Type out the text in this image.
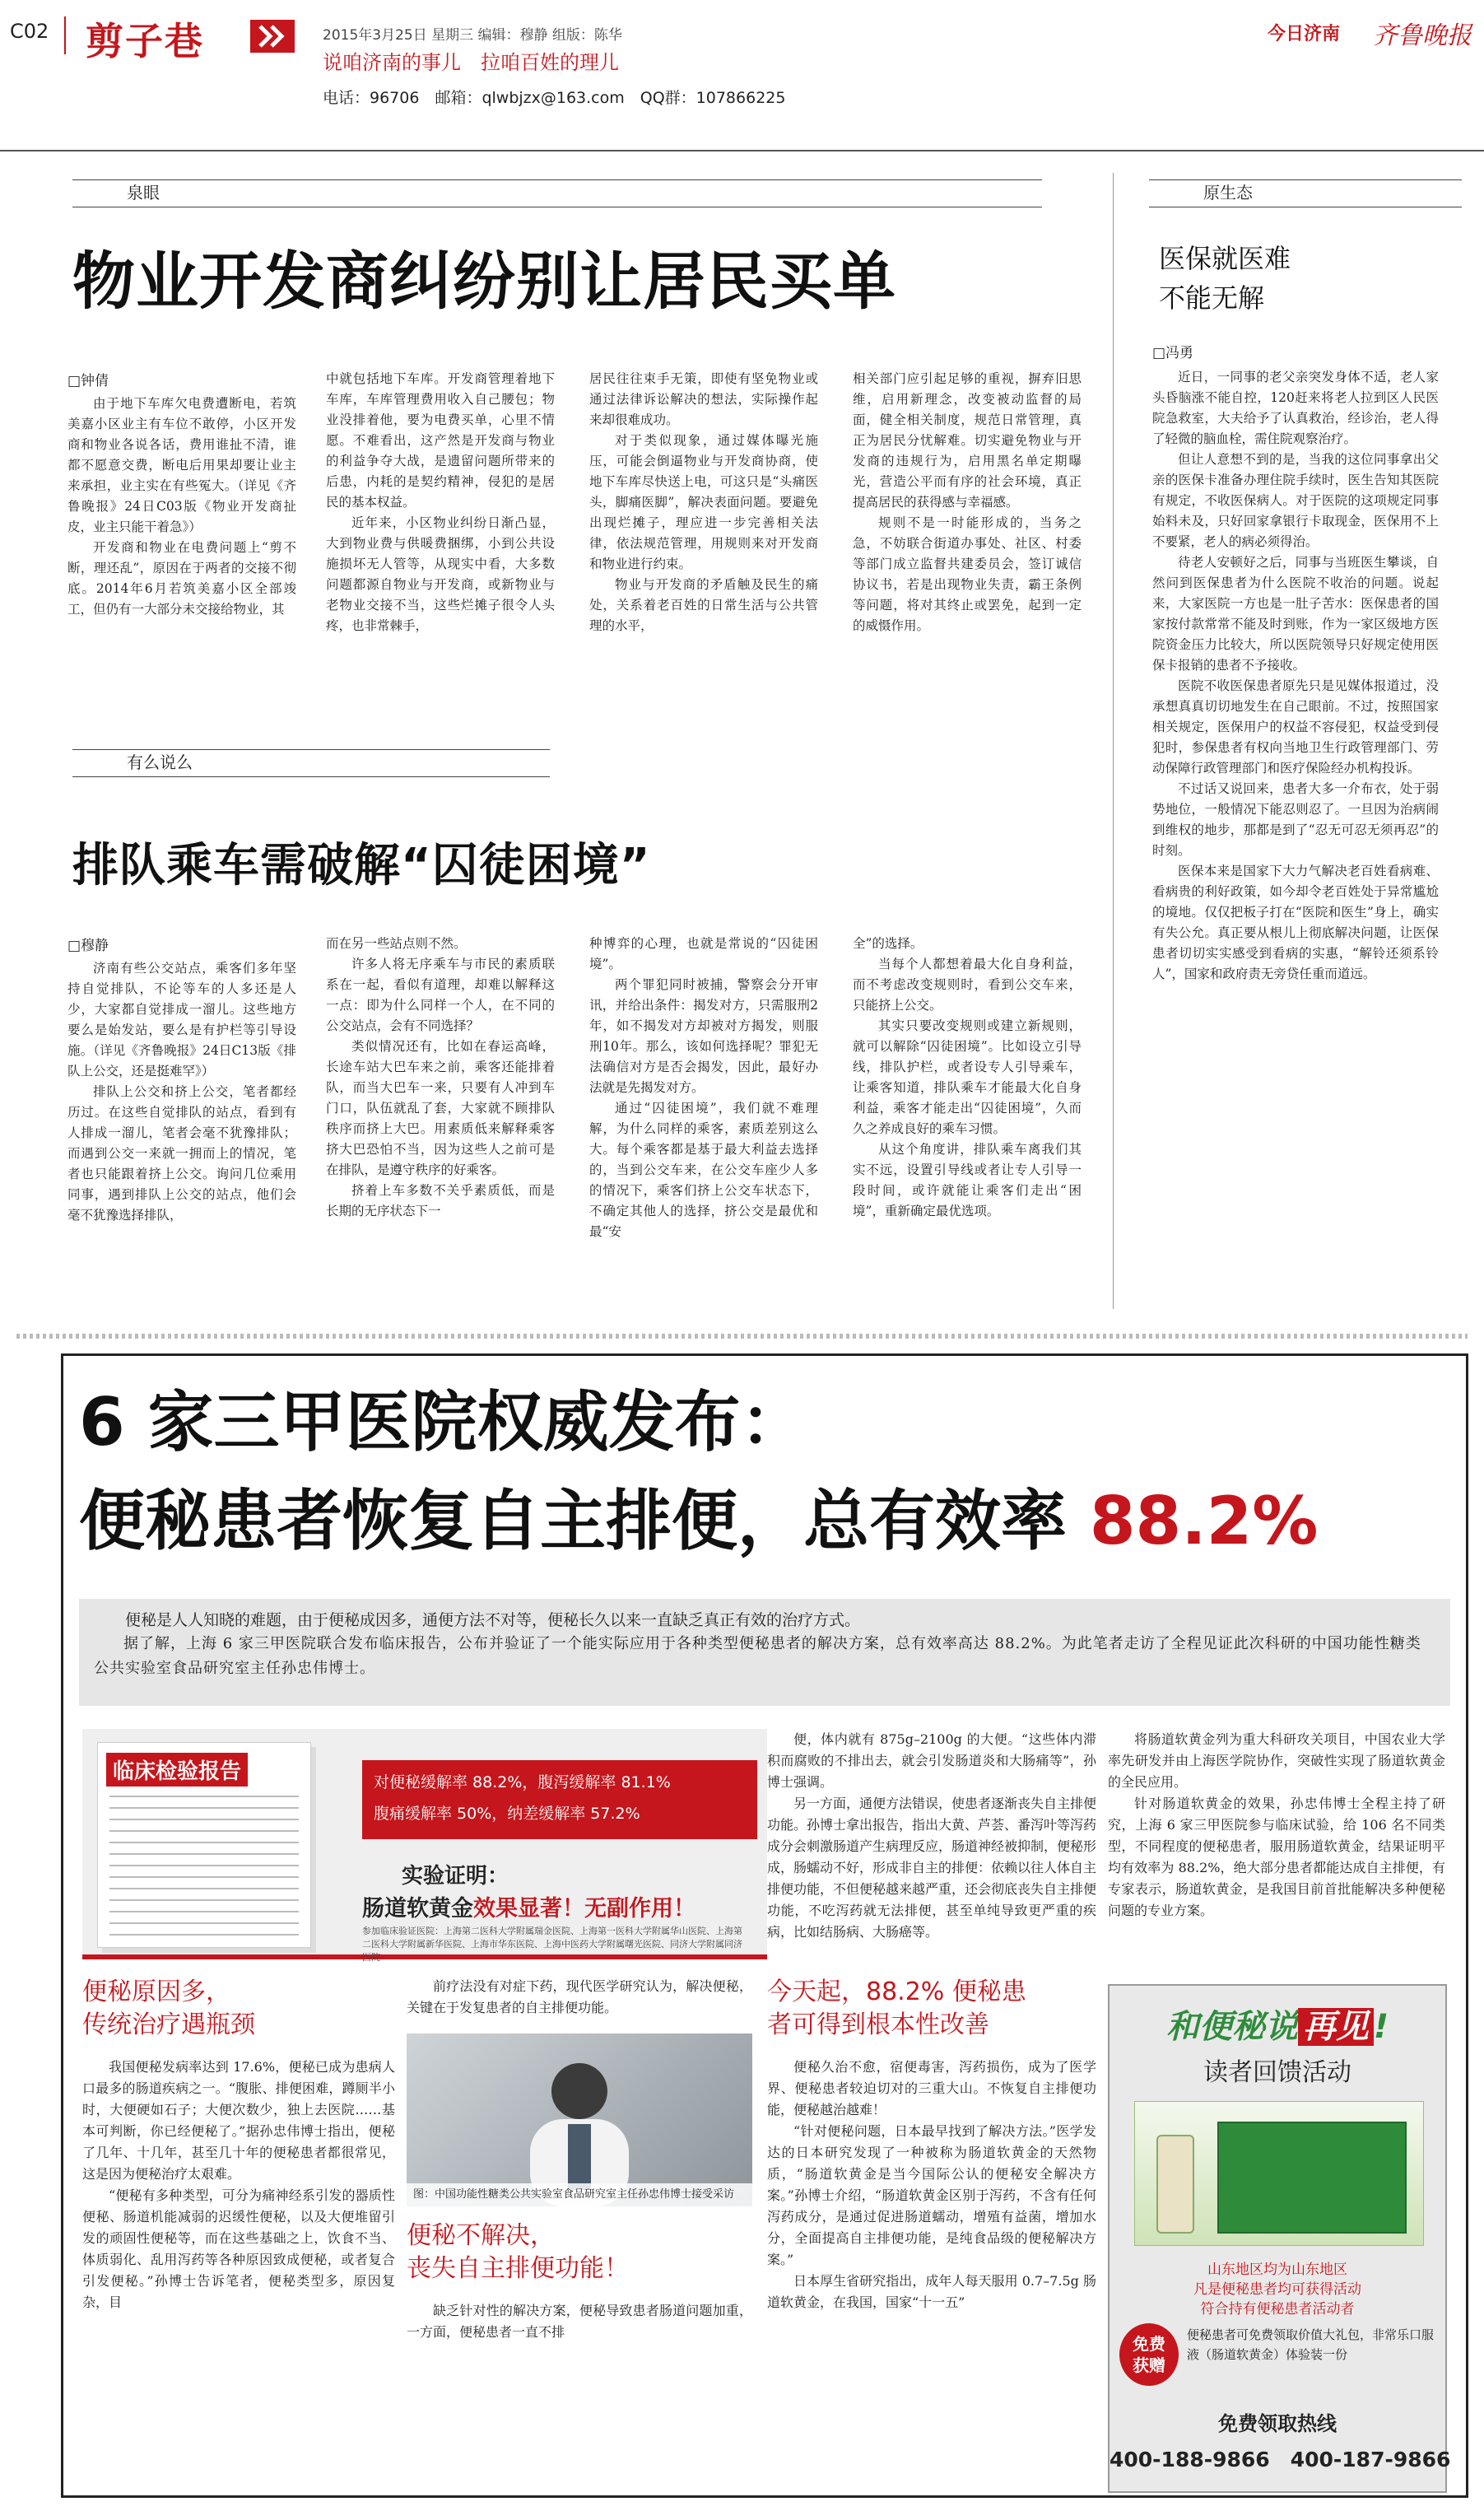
C02 剪子巷	2015年3月25日 星期三 编辑：穆静 组版：陈华
说咱济南的事儿　拉咱百姓的理儿
今日济南 齐鲁晚报
电话：96706　邮箱：qlwbjzx@163.com　QQ群：107866225
泉眼
物业开发商纠纷别让居民买单
□钟倩

由于地下车库欠电费遭断电，若筑美嘉小区业主有车位不敢停，小区开发商和物业各说各话，费用谁扯不清，谁都不愿意交费，断电后用果却要让业主来承担，业主实在有些冤大。（详见《齐鲁晚报》24日C03版《物业开发商扯皮，业主只能干着急》）

开发商和物业在电费问题上“剪不断，理还乱”，原因在于两者的交接不彻底。2014年6月若筑美嘉小区全部竣工，但仍有一大部分未交接给物业，其

中就包括地下车库。开发商管理着地下车库，车库管理费用收入自己腰包；物业没排着他，要为电费买单，心里不情愿。不难看出，这产然是开发商与物业的利益争夺大战，是遗留问题所带来的后患，内耗的是契约精神，侵犯的是居民的基本权益。

近年来，小区物业纠纷日渐凸显，大到物业费与供暖费捆绑，小到公共设施损坏无人管等，从现实中看，大多数问题都源自物业与开发商，或新物业与老物业交接不当，这些烂摊子很令人头疼，也非常棘手，

居民往往束手无策，即使有坚免物业或通过法律诉讼解决的想法，实际操作起来却很难成功。

对于类似现象，通过媒体曝光施压，可能会倒逼物业与开发商协商，使地下车库尽快送上电，可这只是“头痛医头，脚痛医脚”，解决表面问题。要避免出现烂摊子，理应进一步完善相关法律，依法规范管理，用规则来对开发商和物业进行约束。

物业与开发商的矛盾触及民生的痛处，关系着老百姓的日常生活与公共管理的水平，

相关部门应引起足够的重视，摒弃旧思维，启用新理念，改变被动监督的局面，健全相关制度，规范日常管理，真正为居民分忧解难。切实避免物业与开发商的违规行为，启用黑名单定期曝光，营造公平而有序的社会环境，真正提高居民的获得感与幸福感。

规则不是一时能形成的，当务之急，不妨联合街道办事处、社区、村委等部门成立监督共建委员会，签订诚信协议书，若是出现物业失责，霸王条例等问题，将对其终止或罢免，起到一定的威慑作用。

有么说么
排队乘车需破解“囚徒困境”
□穆静

济南有些公交站点，乘客们多年坚持自觉排队，不论等车的人多还是人少，大家都自觉排成一溜儿。这些地方要么是始发站，要么是有护栏等引导设施。（详见《齐鲁晚报》24日C13版《排队上公交，还是挺难罕》）

排队上公交和挤上公交，笔者都经历过。在这些自觉排队的站点，看到有人排成一溜儿，笔者会毫不犹豫排队；而遇到公交一来就一拥而上的情况，笔者也只能跟着挤上公交。询问几位乘用同事，遇到排队上公交的站点，他们会毫不犹豫选择排队，

而在另一些站点则不然。

许多人将无序乘车与市民的素质联系在一起，看似有道理，却难以解释这一点：即为什么同样一个人，在不同的公交站点，会有不同选择？

类似情况还有，比如在春运高峰，长途车站大巴车来之前，乘客还能排着队，而当大巴车一来，只要有人冲到车门口，队伍就乱了套，大家就不顾排队秩序而挤上大巴。用素质低来解释乘客挤大巴恐怕不当，因为这些人之前可是在排队，是遵守秩序的好乘客。

挤着上车多数不关乎素质低，而是长期的无序状态下一

种博弈的心理，也就是常说的“囚徒困境”。

两个罪犯同时被捕，警察会分开审讯，并给出条件：揭发对方，只需服刑2年，如不揭发对方却被对方揭发，则服刑10年。那么，该如何选择呢？罪犯无法确信对方是否会揭发，因此，最好办法就是先揭发对方。

通过“囚徒困境”，我们就不难理解，为什么同样的乘客，素质差别这么大。每个乘客都是基于最大利益去选择的，当到公交车来，在公交车座少人多的情况下，乘客们挤上公交车状态下，不确定其他人的选择，挤公交是最优和最“安

全”的选择。

当每个人都想着最大化自身利益，而不考虑改变规则时，看到公交车来，只能挤上公交。

其实只要改变规则或建立新规则，就可以解除“囚徒困境”。比如设立引导线，排队护栏，或者设专人引导乘车，让乘客知道，排队乘车才能最大化自身利益，乘客才能走出“囚徒困境”，久而久之养成良好的乘车习惯。

从这个角度讲，排队乘车离我们其实不远，设置引导线或者让专人引导一段时间，或许就能让乘客们走出“困境”，重新确定最优选项。

原生态
医保就医难
不能无解
□冯勇

近日，一同事的老父亲突发身体不适，老人家头昏脑涨不能自控，120赶来将老人拉到区人民医院急救室，大夫给予了认真救治，经诊治，老人得了轻微的脑血栓，需住院观察治疗。

但让人意想不到的是，当我的这位同事拿出父亲的医保卡准备办理住院手续时，医生告知其医院有规定，不收医保病人。对于医院的这项规定同事始料未及，只好回家拿银行卡取现金，医保用不上不要紧，老人的病必须得治。

待老人安顿好之后，同事与当班医生攀谈，自然问到医保患者为什么医院不收治的问题。说起来，大家医院一方也是一肚子苦水：医保患者的国家按付款常常不能及时到账，作为一家区级地方医院资金压力比较大，所以医院领导只好规定使用医保卡报销的患者不予接收。

医院不收医保患者原先只是见媒体报道过，没承想真真切切地发生在自己眼前。不过，按照国家相关规定，医保用户的权益不容侵犯，权益受到侵犯时，参保患者有权向当地卫生行政管理部门、劳动保障行政管理部门和医疗保险经办机构投诉。

不过话又说回来，患者大多一介布衣，处于弱势地位，一般情况下能忍则忍了。一旦因为治病闹到维权的地步，那都是到了“忍无可忍无须再忍”的时刻。

医保本来是国家下大力气解决老百姓看病难、看病贵的利好政策，如今却令老百姓处于异常尴尬的境地。仅仅把板子打在“医院和医生”身上，确实有失公允。真正要从根儿上彻底解决问题，让医保患者切切实实感受到看病的实惠，“解铃还须系铃人”，国家和政府责无旁贷任重而道远。

6 家三甲医院权威发布：
便秘患者恢复自主排便，总有效率 88.2%
便秘是人人知晓的难题，由于便秘成因多，通便方法不对等，便秘长久以来一直缺乏真正有效的治疗方式。
据了解，上海 6 家三甲医院联合发布临床报告，公布并验证了一个能实际应用于各种类型便秘患者的解决方案，总有效率高达 88.2%。为此笔者走访了全程见证此次科研的中国功能性糖类公共实验室食品研究室主任孙忠伟博士。
临床检验报告	对便秘缓解率 88.2%，腹泻缓解率 81.1%
腹痛缓解率 50%，纳差缓解率 57.2%
实验证明：
肠道软黄金效果显著！无副作用！
参加临床验证医院：上海第二医科大学附属瑞金医院、上海第一医科大学附属华山医院、上海第二医科大学附属新华医院、上海市华东医院、上海中医药大学附属曙光医院、同济大学附属同济医院
便秘原因多，
传统治疗遇瓶颈

我国便秘发病率达到 17.6%，便秘已成为患病人口最多的肠道疾病之一。“腹胀、排便困难，蹲厕半小时，大便硬如石子；大便次数少，独上去医院……基本可判断，你已经便秘了。”据孙忠伟博士指出，便秘了几年、十几年，甚至几十年的便秘患者都很常见，这是因为便秘治疗太艰难。

“便秘有多种类型，可分为痛神经系引发的器质性便秘、肠道机能减弱的迟缓性便秘，以及大便堆留引发的顽固性便秘等，而在这些基础之上，饮食不当、体质弱化、乱用泻药等各种原因致成便秘，或者复合引发便秘。”孙博士告诉笔者，便秘类型多，原因复杂，目

前疗法没有对症下药，现代医学研究认为，解决便秘，关键在于发复患者的自主排便功能。

图：中国功能性糖类公共实验室食品研究室主任孙忠伟博士接受采访
便秘不解决，
丧失自主排便功能！

缺乏针对性的解决方案，便秘导致患者肠道问题加重，一方面，便秘患者一直不排

便，体内就有 875g–2100g 的大便。“这些体内滞积而腐败的不排出去，就会引发肠道炎和大肠痛等”，孙博士强调。

另一方面，通便方法错误，使患者逐渐丧失自主排便功能。孙博士拿出报告，指出大黄、芦荟、番泻叶等泻药成分会刺激肠道产生病理反应，肠道神经被抑制，便秘形成，肠蠕动不好，形成非自主的排便：依赖以往人体自主排便功能，不但便秘越来越严重，还会彻底丧失自主排便功能，不吃泻药就无法排便，甚至单纯导致更严重的疾病，比如结肠病、大肠癌等。

今天起，88.2% 便秘患
者可得到根本性改善

便秘久治不愈，宿便毒害，泻药损伤，成为了医学界、便秘患者较迫切对的三重大山。不恢复自主排便功能，便秘越治越难！

“针对便秘问题，日本最早找到了解决方法。”医学发达的日本研究发现了一种被称为肠道软黄金的天然物质，“肠道软黄金是当今国际公认的便秘安全解决方案。”孙博士介绍，“肠道软黄金区别于泻药，不含有任何泻药成分，是通过促进肠道蠕动，增殖有益菌，增加水分，全面提高自主排便功能，是纯食品级的便秘解决方案。”

日本厚生省研究指出，成年人每天服用 0.7–7.5g 肠道软黄金，在我国，国家“十一五”

将肠道软黄金列为重大科研攻关项目，中国农业大学率先研发并由上海医学院协作，突破性实现了肠道软黄金的全民应用。

针对肠道软黄金的效果，孙忠伟博士全程主持了研究，上海 6 家三甲医院参与临床试验，给 106 名不同类型，不同程度的便秘患者，服用肠道软黄金，结果证明平均有效率为 88.2%，绝大部分患者都能达成自主排便，有专家表示，肠道软黄金，是我国目前首批能解决多种便秘问题的专业方案。

和便秘说 再见 !
读者回馈活动
山东地区均为山东地区
凡是便秘患者均可获得活动
符合持有便秘患者活动者
免费
获赠
便秘患者可免费领取价值大礼包，非常乐口服液（肠道软黄金）体验装一份
免费领取热线
400-188-9866　 400-187-9866
